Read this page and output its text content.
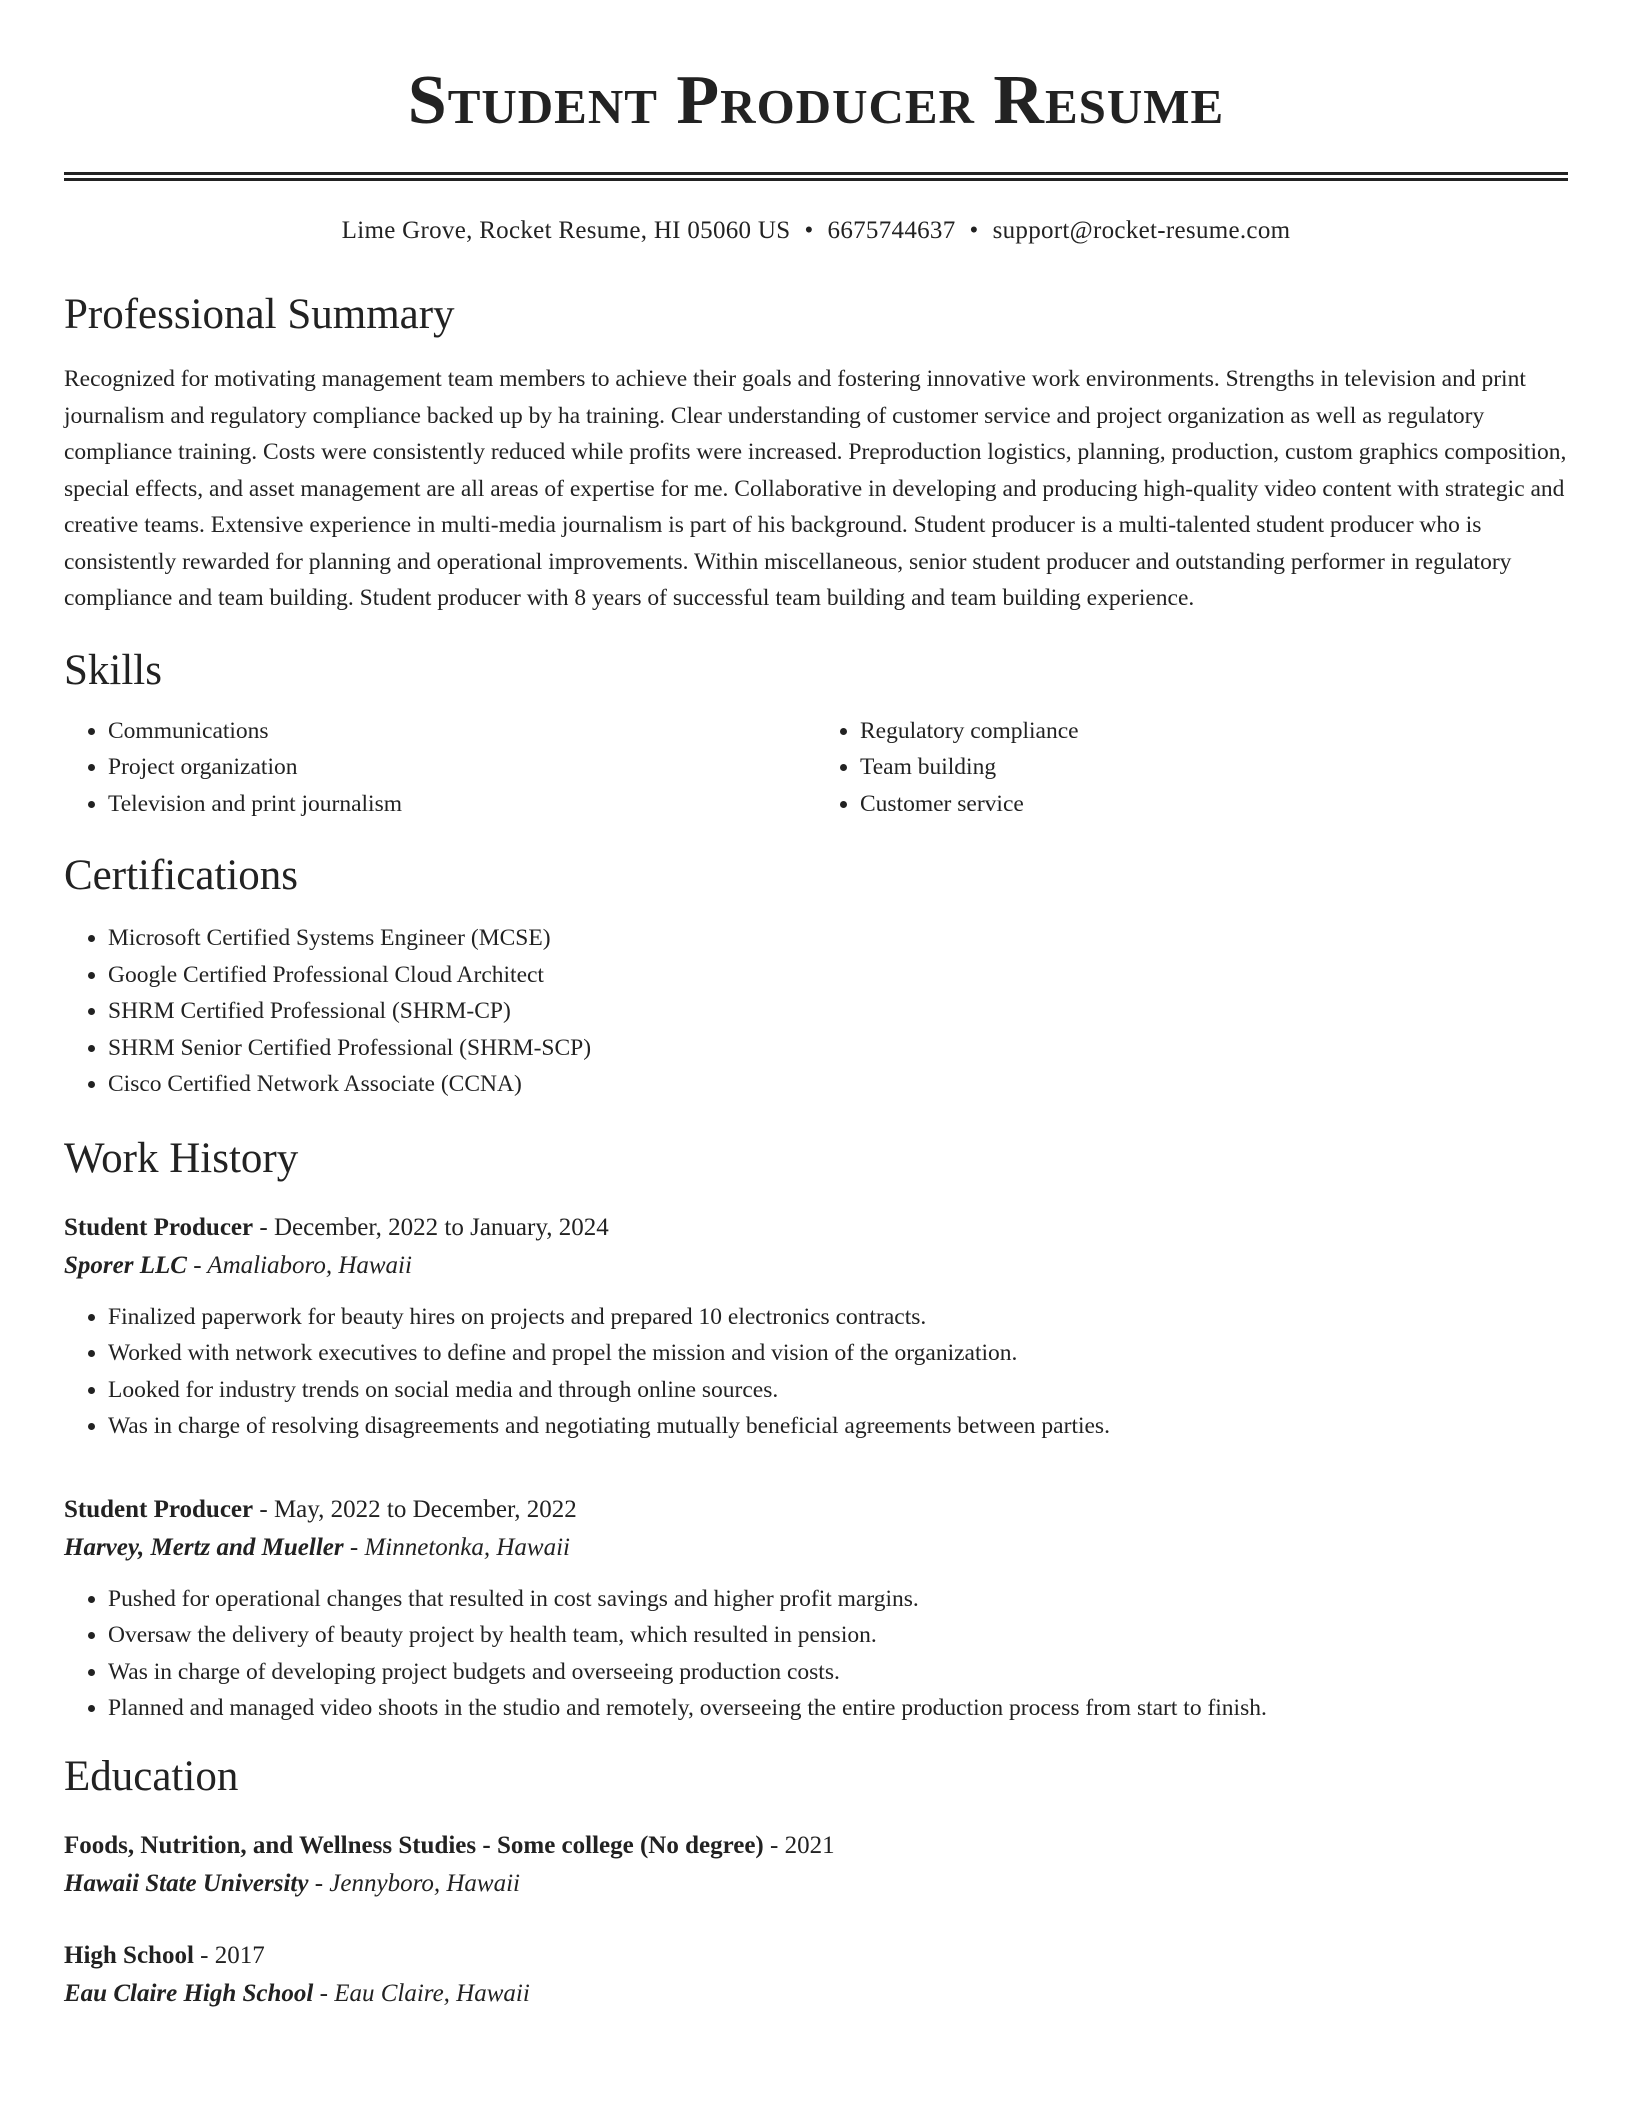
Student Producer Resume
Lime Grove, Rocket Resume, HI 05060 US • 6675744637 • support@rocket-resume.com
Professional Summary

Recognized for motivating management team members to achieve their goals and fostering innovative work environments. Strengths in television and print journalism and regulatory compliance backed up by ha training. Clear understanding of customer service and project organization as well as regulatory compliance training. Costs were consistently reduced while profits were increased. Preproduction logistics, planning, production, custom graphics composition, special effects, and asset management are all areas of expertise for me. Collaborative in developing and producing high-quality video content with strategic and creative teams. Extensive experience in multi-media journalism is part of his background. Student producer is a multi-talented student producer who is consistently rewarded for planning and operational improvements. Within miscellaneous, senior student producer and outstanding performer in regulatory compliance and team building. Student producer with 8 years of successful team building and team building experience.

Skills
• Communications
• Project organization
• Television and print journalism
• Regulatory compliance
• Team building
• Customer service
Certifications
• Microsoft Certified Systems Engineer (MCSE)
• Google Certified Professional Cloud Architect
• SHRM Certified Professional (SHRM-CP)
• SHRM Senior Certified Professional (SHRM-SCP)
• Cisco Certified Network Associate (CCNA)
Work History
Student Producer - December, 2022 to January, 2024
Sporer LLC - Amaliaboro, Hawaii
• Finalized paperwork for beauty hires on projects and prepared 10 electronics contracts.
• Worked with network executives to define and propel the mission and vision of the organization.
• Looked for industry trends on social media and through online sources.
• Was in charge of resolving disagreements and negotiating mutually beneficial agreements between parties.
Student Producer - May, 2022 to December, 2022
Harvey, Mertz and Mueller - Minnetonka, Hawaii
• Pushed for operational changes that resulted in cost savings and higher profit margins.
• Oversaw the delivery of beauty project by health team, which resulted in pension.
• Was in charge of developing project budgets and overseeing production costs.
• Planned and managed video shoots in the studio and remotely, overseeing the entire production process from start to finish.
Education
Foods, Nutrition, and Wellness Studies - Some college (No degree) - 2021
Hawaii State University - Jennyboro, Hawaii
High School - 2017
Eau Claire High School - Eau Claire, Hawaii
